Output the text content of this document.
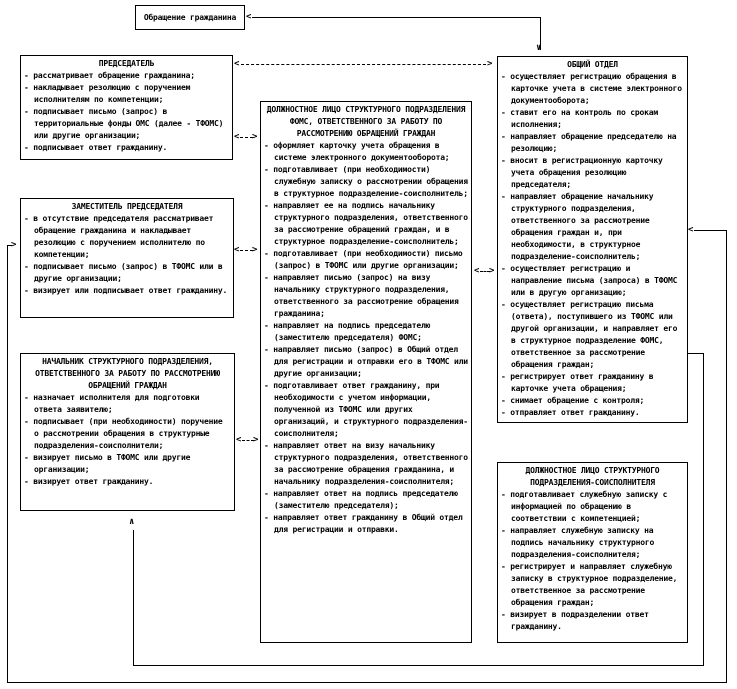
Обращение гражданина
ПРЕДСЕДАТЕЛЬ
- рассматривает обращение гражданина;
- накладывает резолюцию с поручением исполнителям по компетенции;
- подписывает письмо (запрос) в территориальные фонды ОМС (далее - ТФОМС) или другие организации;
- подписывает ответ гражданину.
ЗАМЕСТИТЕЛЬ ПРЕДСЕДАТЕЛЯ
- в отсутствие председателя рассматривает обращение гражданина и накладывает резолюцию с поручением исполнителю по компетенции;
- подписывает письмо (запрос) в ТФОМС или в другие организации;
- визирует или подписывает ответ гражданину.
НАЧАЛЬНИК СТРУКТУРНОГО ПОДРАЗДЕЛЕНИЯ, ОТВЕТСТВЕННОГО ЗА РАБОТУ ПО РАССМОТРЕНИЮ ОБРАЩЕНИЙ ГРАЖДАН
- назначает исполнителя для подготовки ответа заявителю;
- подписывает (при необходимости) поручение о рассмотрении обращения в структурные подразделения-соисполнители;
- визирует письмо в ТФОМС или другие организации;
- визирует ответ гражданину.
ДОЛЖНОСТНОЕ ЛИЦО СТРУКТУРНОГО ПОДРАЗДЕЛЕНИЯ ФОМС, ОТВЕТСТВЕННОГО ЗА РАБОТУ ПО РАССМОТРЕНИЮ ОБРАЩЕНИЙ ГРАЖДАН
- оформляет карточку учета обращения в системе электронного документооборота;
- подготавливает (при необходимости) служебную записку о рассмотрении обращения в структурное подразделение-соисполнитель;
- направляет ее на подпись начальнику структурного подразделения, ответственного за рассмотрение обращений граждан, и в структурное подразделение-соисполнитель;
- подготавливает (при необходимости) письмо (запрос) в ТФОМС или другие организации;
- направляет письмо (запрос) на визу начальнику структурного подразделения, ответственного за рассмотрение обращения гражданина;
- направляет на подпись председателю (заместителю председателя) ФОМС;
- направляет письмо (запрос) в Общий отдел для регистрации и отправки его в ТФОМС или другие организации;
- подготавливает ответ гражданину, при необходимости с учетом информации, полученной из ТФОМС или других организаций, и структурного подразделения-соисполнителя;
- направляет ответ на визу начальнику структурного подразделения, ответственного за рассмотрение обращения гражданина, и начальнику подразделения-соисполнителя;
- направляет ответ на подпись председателю (заместителю председателя);
- направляет ответ гражданину в Общий отдел для регистрации и отправки.
ОБЩИЙ ОТДЕЛ
- осуществляет регистрацию обращения в карточке учета в системе электронного документооборота;
- ставит его на контроль по срокам исполнения;
- направляет обращение председателю на резолюцию;
- вносит в регистрационную карточку учета обращения резолюцию председателя;
- направляет обращение начальнику структурного подразделения, ответственного за рассмотрение обращения граждан и, при необходимости, в структурное подразделение-соисполнитель;
- осуществляет регистрацию и направление письма (запроса) в ТФОМС или в другую организацию;
- осуществляет регистрацию письма (ответа), поступившего из ТФОМС или другой организации, и направляет его в структурное подразделение ФОМС, ответственное за рассмотрение обращения граждан;
- регистрирует ответ гражданину в карточке учета обращения;
- снимает обращение с контроля;
- отправляет ответ гражданину.
ДОЛЖНОСТНОЕ ЛИЦО СТРУКТУРНОГО ПОДРАЗДЕЛЕНИЯ-СОИСПОЛНИТЕЛЯ
- подготавливает служебную записку с информацией по обращению в соответствии с компетенцией;
- направляет служебную записку на подпись начальнику структурного подразделения-соисполнителя;
- регистрирует и направляет служебную записку в структурное подразделение, ответственное за рассмотрение обращения граждан;
- визирует в подразделении ответ гражданину.
<
∨
<	>
< >
< >
< >
< >
>
<
∧
